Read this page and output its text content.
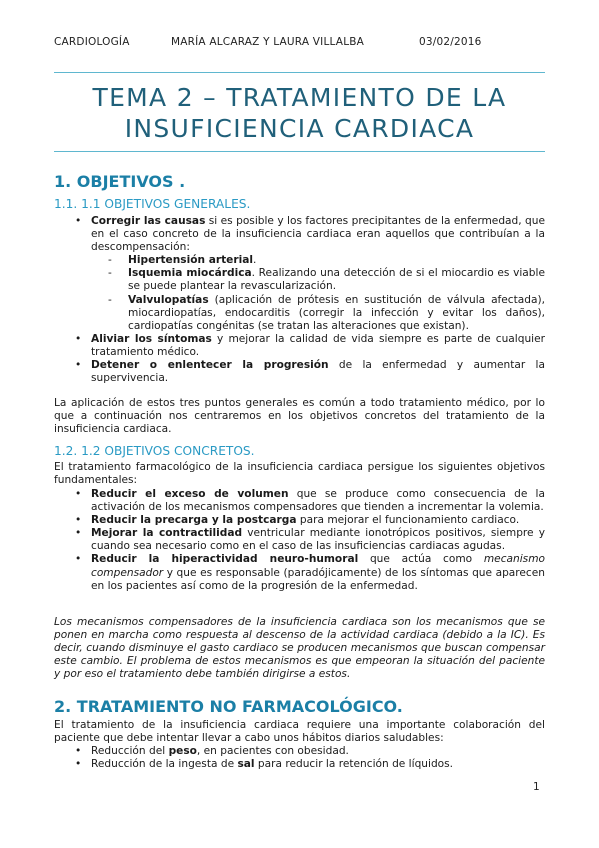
CARDIOLOGÍA	MARÍA ALCARAZ Y LAURA VILLALBA	03/02/2016
TEMA 2 – TRATAMIENTO DE LA
INSUFICIENCIA CARDIACA
1. OBJETIVOS .
1.1. 1.1 OBJETIVOS GENERALES.
• Corregir las causas si es posible y los factores precipitantes de la enfermedad, que en el caso concreto de la insuficiencia cardiaca eran aquellos que contribuían a la descompensación:
- Hipertensión arterial.
- Isquemia miocárdica. Realizando una detección de si el miocardio es viable se puede plantear la revascularización.
- Valvulopatías (aplicación de prótesis en sustitución de válvula afectada), miocardiopatías, endocarditis (corregir la infección y evitar los daños), cardiopatías congénitas (se tratan las alteraciones que existan).
• Aliviar los síntomas y mejorar la calidad de vida siempre es parte de cualquier tratamiento médico.
• Detener o enlentecer la progresión de la enfermedad y aumentar la supervivencia.
La aplicación de estos tres puntos generales es común a todo tratamiento médico, por lo que a continuación nos centraremos en los objetivos concretos del tratamiento de la insuficiencia cardiaca.
1.2. 1.2 OBJETIVOS CONCRETOS.
El tratamiento farmacológico de la insuficiencia cardiaca persigue los siguientes objetivos fundamentales:
• Reducir el exceso de volumen que se produce como consecuencia de la activación de los mecanismos compensadores que tienden a incrementar la volemia.
• Reducir la precarga y la postcarga para mejorar el funcionamiento cardiaco.
• Mejorar la contractilidad ventricular mediante ionotrópicos positivos, siempre y cuando sea necesario como en el caso de las insuficiencias cardiacas agudas.
• Reducir la hiperactividad neuro-humoral que actúa como mecanismo compensador y que es responsable (paradójicamente) de los síntomas que aparecen en los pacientes así como de la progresión de la enfermedad.
Los mecanismos compensadores de la insuficiencia cardiaca son los mecanismos que se ponen en marcha como respuesta al descenso de la actividad cardiaca (debido a la IC). Es decir, cuando disminuye el gasto cardiaco se producen mecanismos que buscan compensar este cambio. El problema de estos mecanismos es que empeoran la situación del paciente y por eso el tratamiento debe también dirigirse a estos.
2. TRATAMIENTO NO FARMACOLÓGICO.
El tratamiento de la insuficiencia cardiaca requiere una importante colaboración del paciente que debe intentar llevar a cabo unos hábitos diarios saludables:
• Reducción del peso, en pacientes con obesidad.
• Reducción de la ingesta de sal para reducir la retención de líquidos.
1
